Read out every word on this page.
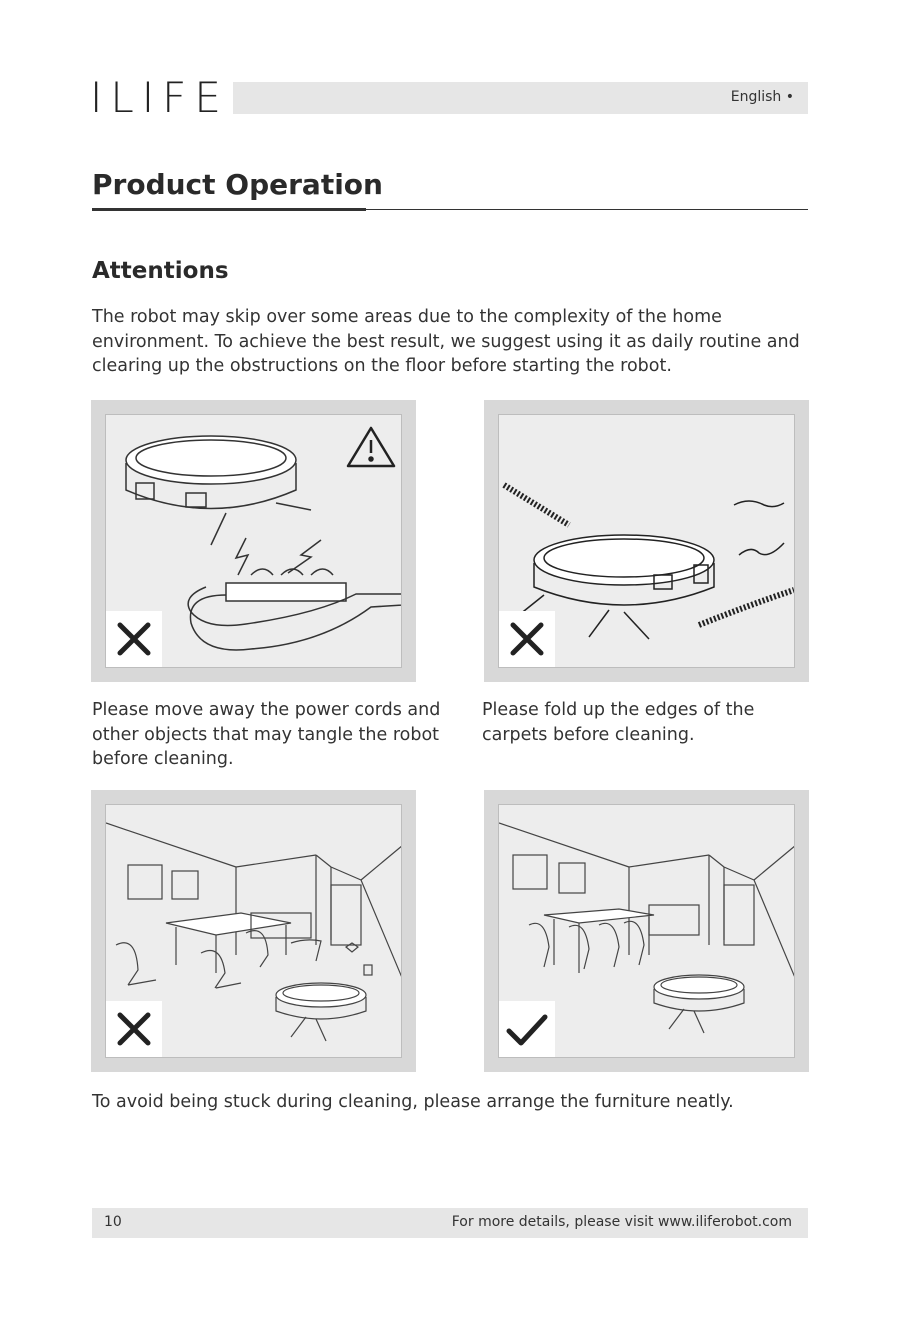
ILIFE	English •
Product Operation
Attentions
The robot may skip over some areas due to the complexity of the home environment. To achieve the best result, we suggest using it as daily routine and clearing up the obstructions on the floor before starting the robot.
Please move away the power cords and other objects that may tangle the robot before cleaning.
Please fold up the edges of the carpets before cleaning.
To avoid being stuck during cleaning, please arrange the furniture neatly.
10	For more details, please visit www.iliferobot.com
